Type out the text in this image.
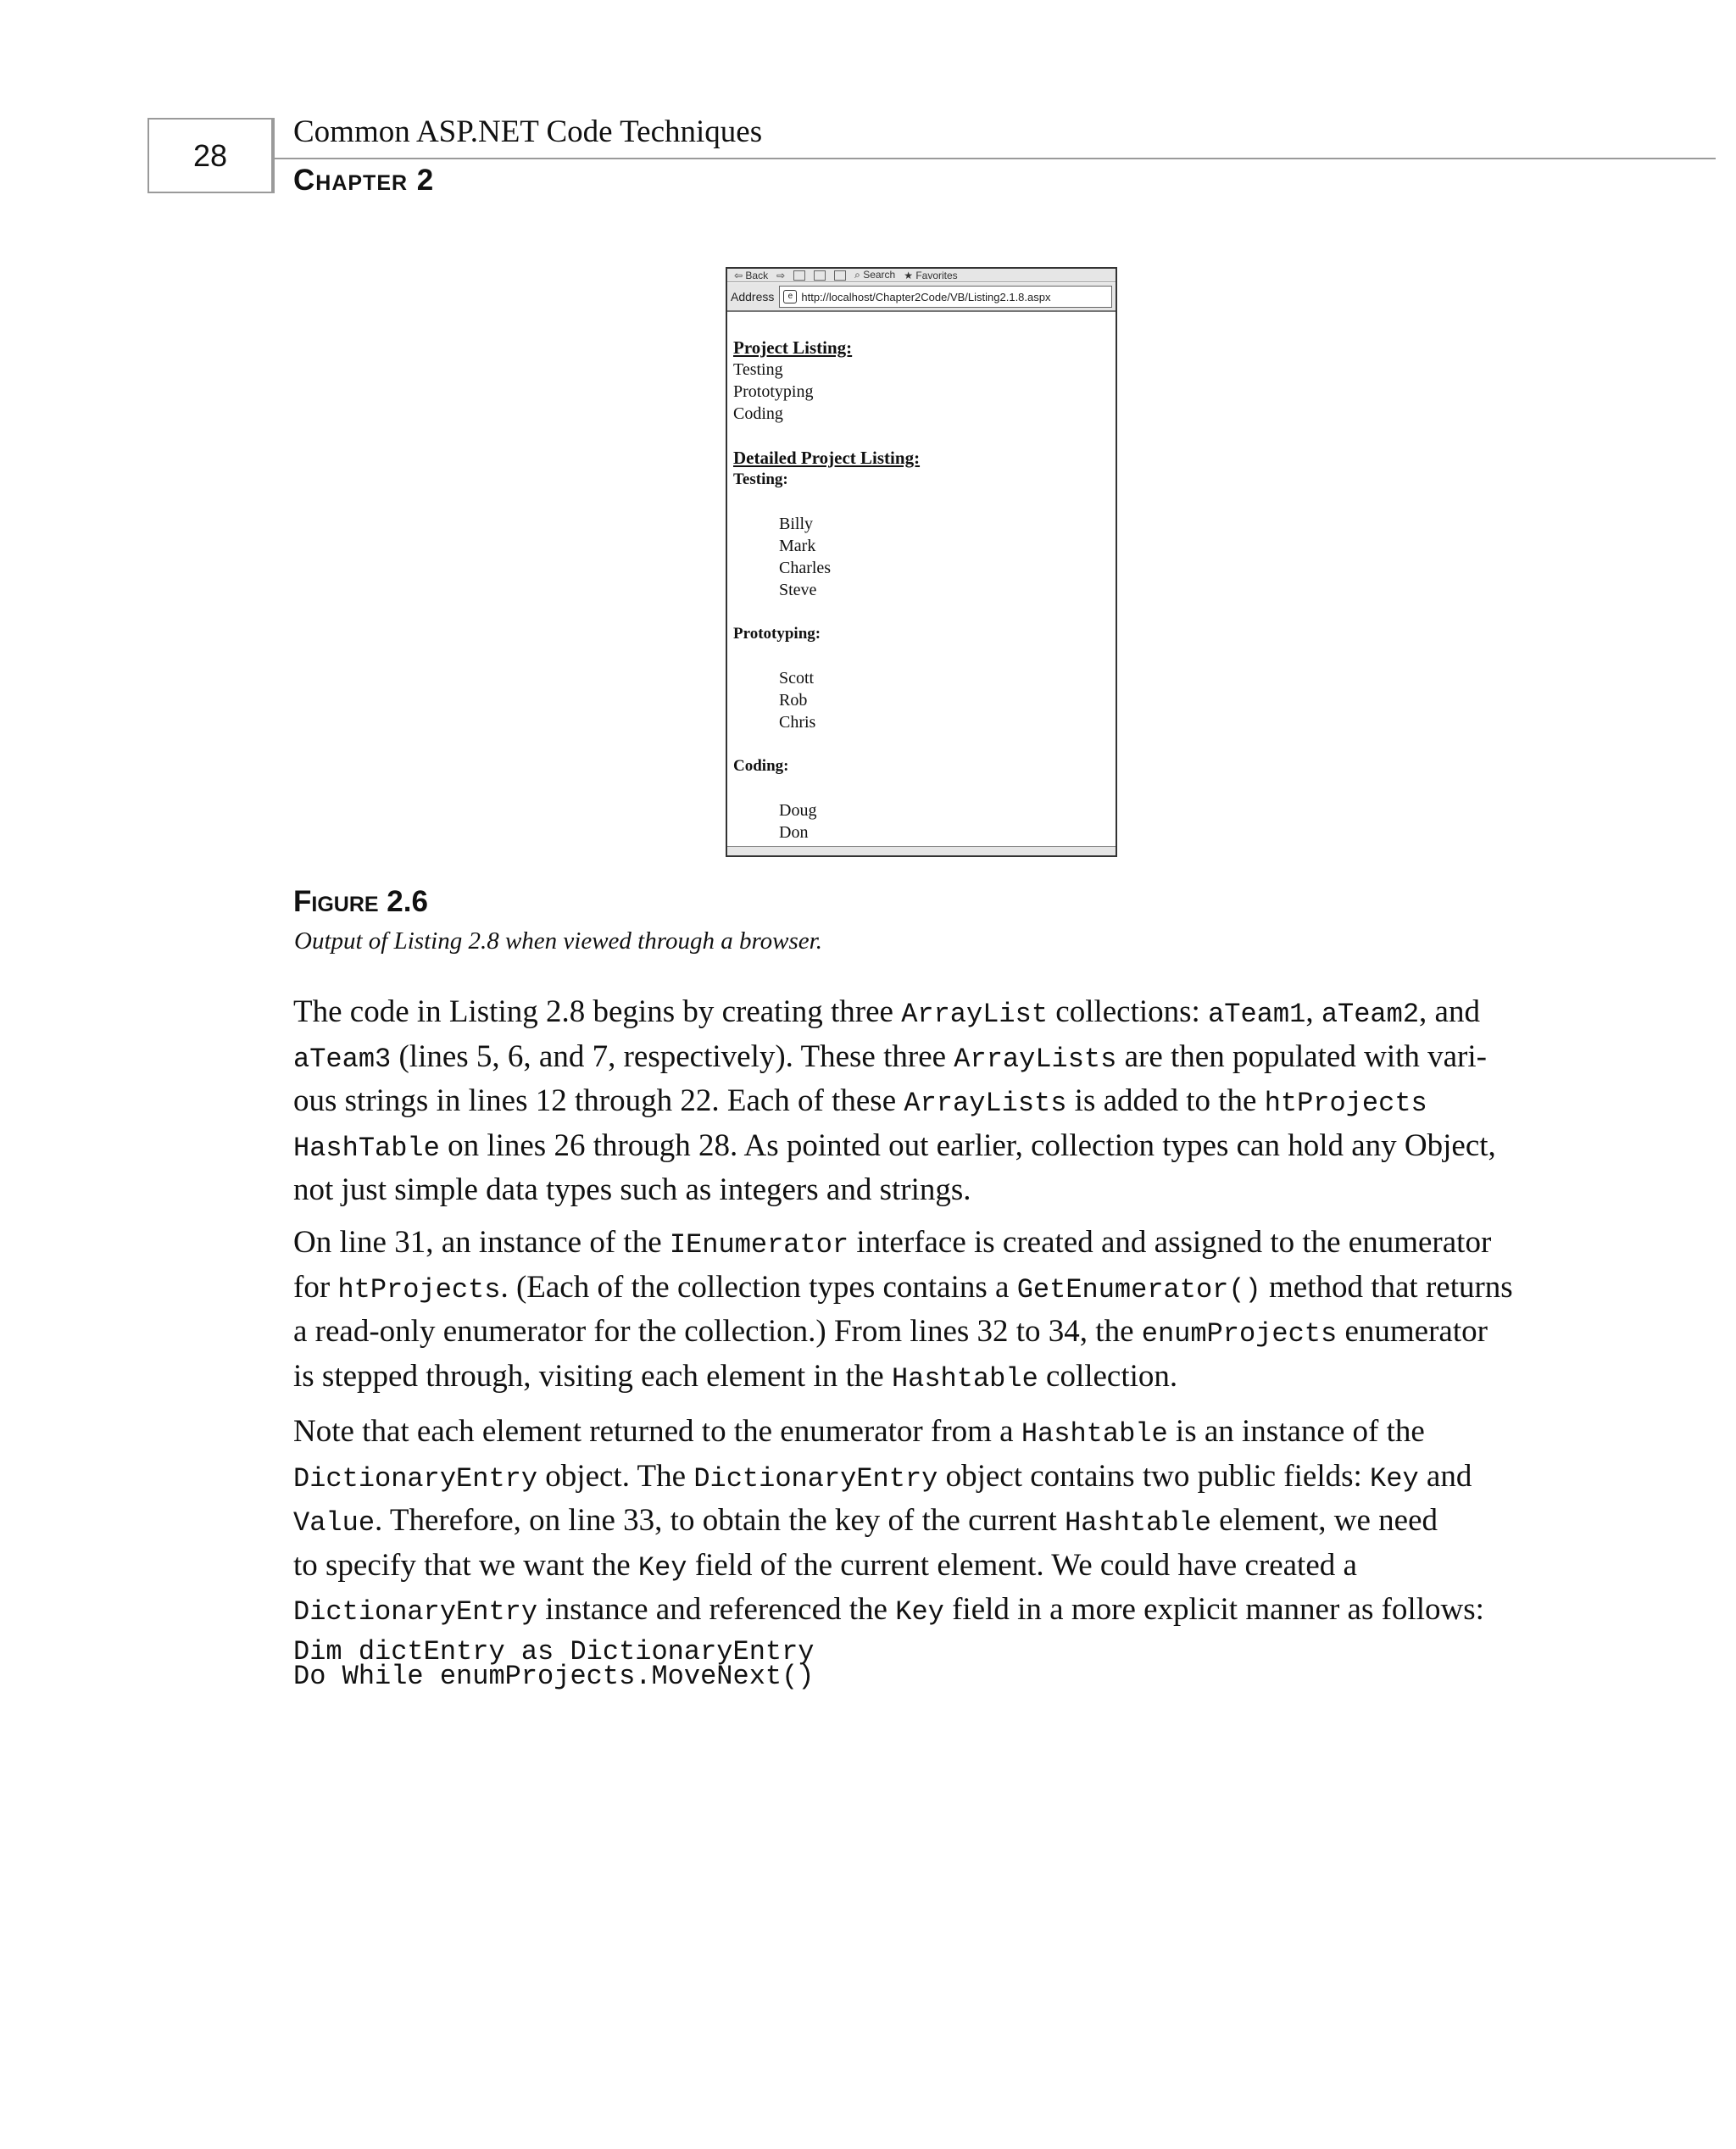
28
Common ASP.NET Code Techniques
Chapter 2
⇦ Back ⇨	⌕ Search ★ Favorites
Address	e http://localhost/Chapter2Code/VB/Listing2.1.8.aspx
Project Listing:
Testing
Prototyping
Coding
Detailed Project Listing:
Testing:
Billy
Mark
Charles
Steve
Prototyping:
Scott
Rob
Chris
Coding:
Doug
Don
Figure 2.6
Output of Listing 2.8 when viewed through a browser.
The code in Listing 2.8 begins by creating three ArrayList collections: aTeam1, aTeam2, and
aTeam3 (lines 5, 6, and 7, respectively). These three ArrayLists are then populated with vari-
ous strings in lines 12 through 22. Each of these ArrayLists is added to the htProjects
HashTable on lines 26 through 28. As pointed out earlier, collection types can hold any Object,
not just simple data types such as integers and strings.
On line 31, an instance of the IEnumerator interface is created and assigned to the enumerator
for htProjects. (Each of the collection types contains a GetEnumerator() method that returns
a read-only enumerator for the collection.) From lines 32 to 34, the enumProjects enumerator
is stepped through, visiting each element in the Hashtable collection.
Note that each element returned to the enumerator from a Hashtable is an instance of the
DictionaryEntry object. The DictionaryEntry object contains two public fields: Key and
Value. Therefore, on line 33, to obtain the key of the current Hashtable element, we need
to specify that we want the Key field of the current element. We could have created a
DictionaryEntry instance and referenced the Key field in a more explicit manner as follows:
Dim dictEntry as DictionaryEntry
Do While enumProjects.MoveNext()
